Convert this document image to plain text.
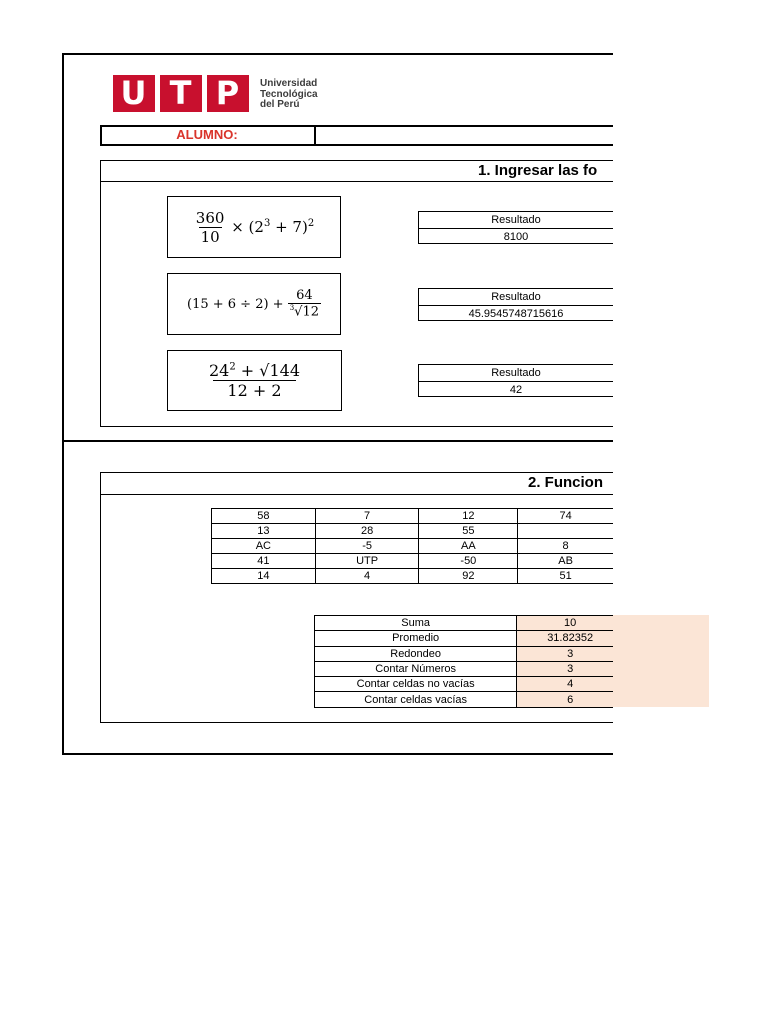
U T P	Universidad
Tecnológica
del Perú
ALUMNO:
1. Ingresar las fo
$\frac{360}{10} \times (2^3 + 7)^2$
$(15 + 6 \div 2) + \frac{64}{^3√12}$
$\frac{24^2 + √144}{12 + 2}$
Resultado
8100
Resultado
45.9545748715616
Resultado
42
2. Funcion
58	7	12	74
13	28	55	
AC	-5	AA	8
41	UTP	-50	AB
14	4	92	51
Suma	10
Promedio	31.82352
Redondeo	3
Contar Números	3
Contar celdas no vacías	4
Contar celdas vacías	6
